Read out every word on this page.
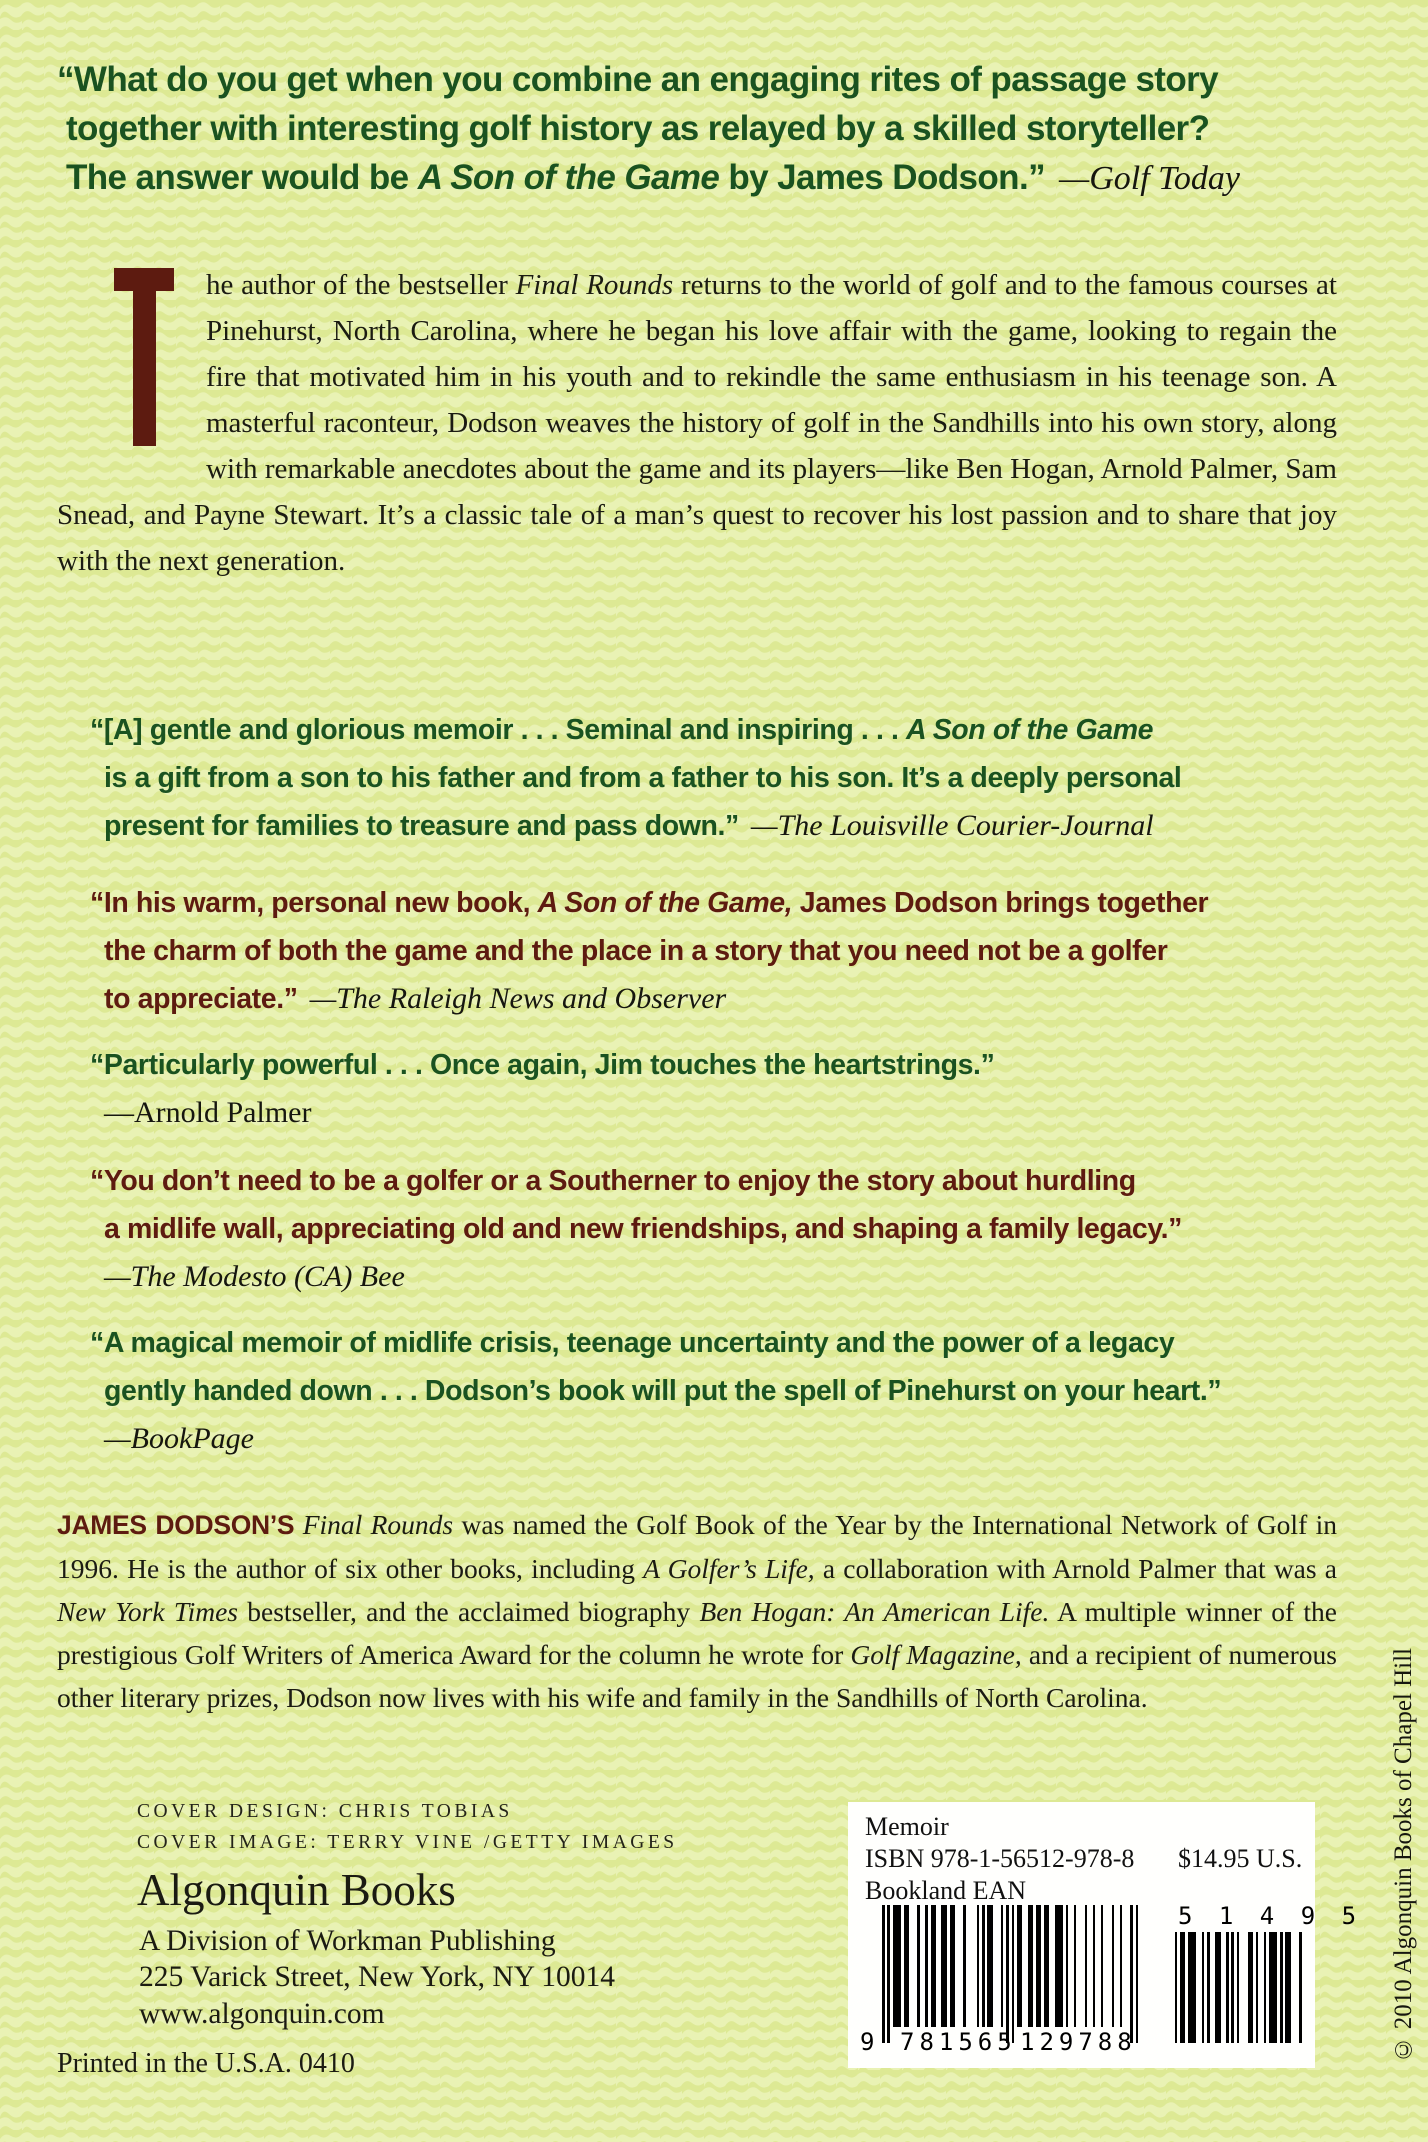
“What do you get when you combine an engaging rites of passage story
together with interesting golf history as relayed by a skilled storyteller?
The answer would be A Son of the Game by James Dodson.” —Golf Today
he author of the bestseller Final Rounds returns to the world of golf and to the famous courses at Pinehurst, North Carolina, where he began his love affair with the game, looking to regain the fire that motivated him in his youth and to rekindle the same enthusiasm in his teenage son. A masterful raconteur, Dodson weaves the history of golf in the Sandhills into his own story, along with remarkable anecdotes about the game and its players—like Ben Hogan, Arnold Palmer, Sam Snead, and Payne Stewart. It’s a classic tale of a man’s quest to recover his lost passion and to share that joy with the next generation.
“[A] gentle and glorious memoir . . . Seminal and inspiring . . . A Son of the Game
is a gift from a son to his father and from a father to his son. It’s a deeply personal
present for families to treasure and pass down.” —The Louisville Courier-Journal
“In his warm, personal new book, A Son of the Game, James Dodson brings together
the charm of both the game and the place in a story that you need not be a golfer
to appreciate.” —The Raleigh News and Observer
“Particularly powerful . . . Once again, Jim touches the heartstrings.”
—Arnold Palmer
“You don’t need to be a golfer or a Southerner to enjoy the story about hurdling
a midlife wall, appreciating old and new friendships, and shaping a family legacy.”
—The Modesto (CA) Bee
“A magical memoir of midlife crisis, teenage uncertainty and the power of a legacy
gently handed down . . . Dodson’s book will put the spell of Pinehurst on your heart.”
—BookPage
JAMES DODSON’S Final Rounds was named the Golf Book of the Year by the International Network of Golf in 1996. He is the author of six other books, including A Golfer’s Life, a collaboration with Arnold Palmer that was a New York Times bestseller, and the acclaimed biography Ben Hogan: An American Life. A multiple winner of the prestigious Golf Writers of America Award for the column he wrote for Golf Magazine, and a recipient of numerous other literary prizes, Dodson now lives with his wife and family in the Sandhills of North Carolina.
COVER DESIGN: CHRIS TOBIAS
COVER IMAGE: TERRY VINE /GETTY IMAGES
Algonquin Books
A Division of Workman Publishing
225 Varick Street, New York, NY 10014
www.algonquin.com
Printed in the U.S.A. 0410
Memoir
ISBN 978-1-56512-978-8 $14.95 U.S.
Bookland EAN
9 781565 129788
5 1 4 9 5 © 2010 Algonquin Books of Chapel Hill
